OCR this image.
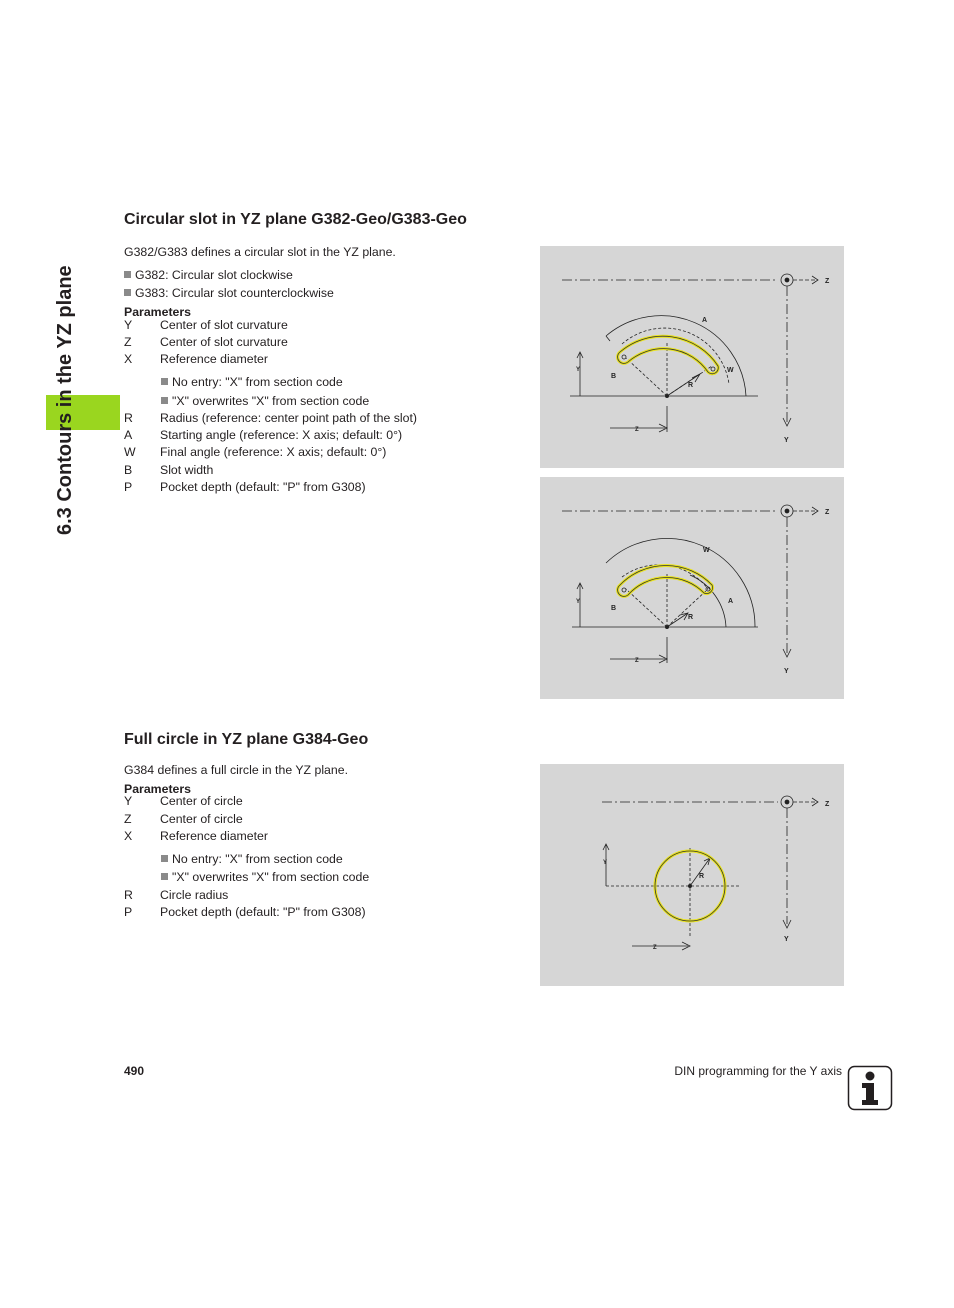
6.3 Contours in the YZ plane
Circular slot in YZ plane G382-Geo/G383-Geo
G382/G383 defines a circular slot in the YZ plane.
G382: Circular slot clockwise
G383: Circular slot counterclockwise
Parameters
Y Center of slot curvature
Z Center of slot curvature
X Reference diameter
No entry: "X" from section code
"X" overwrites "X" from section code
R Radius (reference: center point path of the slot)
A Starting angle (reference: X axis; default: 0°)
W Final angle (reference: X axis; default: 0°)
B Slot width
P Pocket depth (default: "P" from G308)
Z
Y
A
W
B
R
Y
Z
Z
Y
W
A
B
R
Y
Z
Full circle in YZ plane G384-Geo
G384 defines a full circle in the YZ plane.
Parameters
Y Center of circle
Z Center of circle
X Reference diameter
No entry: "X" from section code
"X" overwrites "X" from section code
R Circle radius
P Pocket depth (default: "P" from G308)
Z
Y
R
Y
Z
490	DIN programming for the Y axis
